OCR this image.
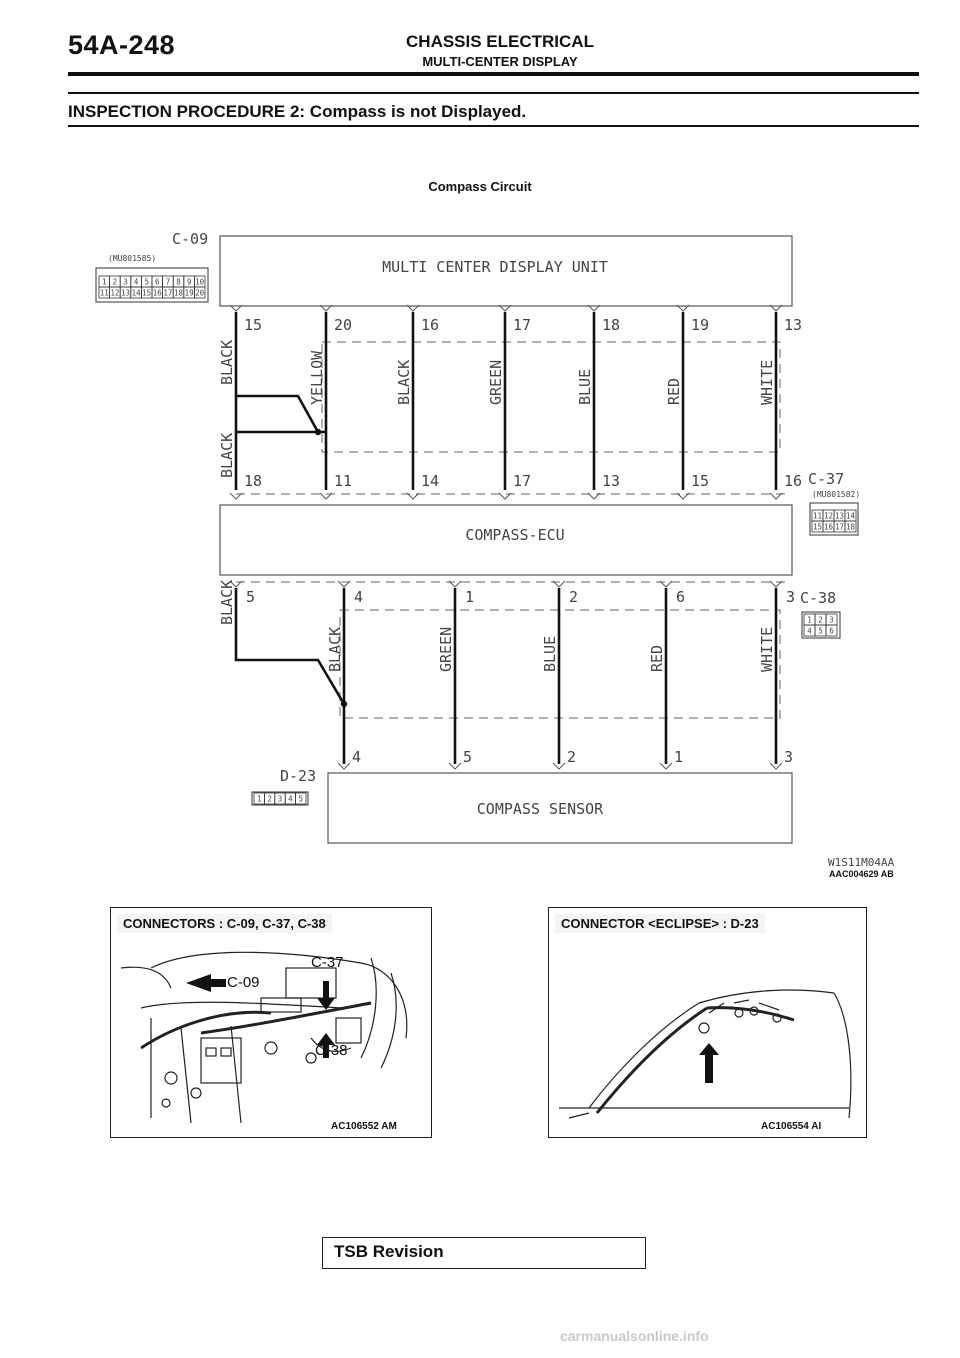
54A-248	CHASSIS ELECTRICAL
MULTI-CENTER DISPLAY
INSPECTION PROCEDURE 2: Compass is not Displayed.
Compass Circuit
C-09
(MU801585)
1 2 3 4 5 6 7 8 9 10
11 12 13 14 15 16 17 18 19 20
MULTI CENTER DISPLAY UNIT
BLACK
BLACK
15
18
YELLOW
20
11
BLACK
16
14
GREEN
17
17
BLUE
18
13
RED
19
15
WHITE
13
16
COMPASS-ECU
C-37
(MU801582)
11 12 13 14
15 16 17 18
C-38
1 2 3
4 5 6
BLACK 5
BLACK
4
4
GREEN
5
1
BLUE
2
2
RED
1
6
WHITE
3
3
D-23
1 2 3 4 5
COMPASS SENSOR
W1S11M04AA
AAC004629 AB
CONNECTORS : C-09, C-37, C-38
C-37
C-09
C-38
AC106552 AM
CONNECTOR <ECLIPSE> : D-23
AC106554 AI
TSB Revision
carmanualsonline.info
